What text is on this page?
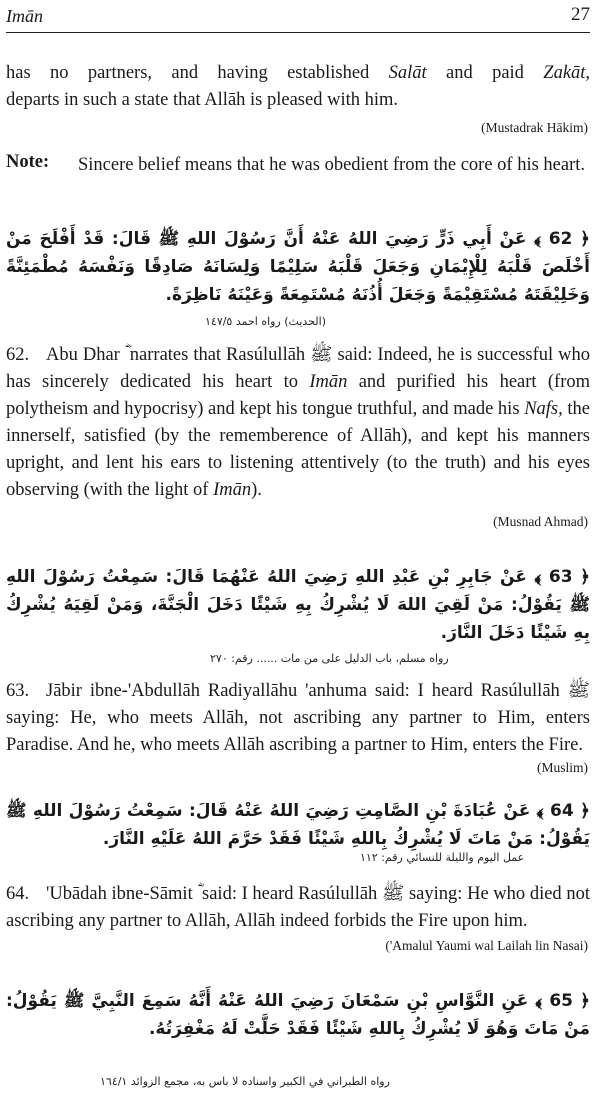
Imān	27
has no partners, and having established Salāt and paid Zakāt,
departs in such a state that Allāh is pleased with him.
(Mustadrak Hākim)
Note: Sincere belief means that he was obedient from the core of his heart.
﴿ 62 ﴾ عَنْ أَبِي ذَرٍّ رَضِيَ اللهُ عَنْهُ أَنَّ رَسُوْلَ اللهِ ﷺ قَالَ: قَدْ أَفْلَحَ مَنْ أَخْلَصَ قَلْبَهُ لِلْإِيْمَانِ وَجَعَلَ قَلْبَهُ سَلِيْمًا وَلِسَانَهُ صَادِقًا وَنَفْسَهُ مُطْمَئِنَّةً وَخَلِيْقَتَهُ مُسْتَقِيْمَةً وَجَعَلَ أُذُنَهُ مُسْتَمِعَةً وَعَيْنَهُ نَاظِرَةً.
(الحديث) رواه احمد ١٤٧/٥
62. Abu Dhar ؓ narrates that Rasúlullāh ﷺ said: Indeed, he is successful who has sincerely dedicated his heart to Imān and purified his heart (from polytheism and hypocrisy) and kept his tongue truthful, and made his Nafs, the innerself, satisfied (by the rememberence of Allāh), and kept his manners upright, and lent his ears to listening attentively (to the truth) and his eyes observing (with the light of Imān).
(Musnad Ahmad)
﴿ 63 ﴾ عَنْ جَابِرِ بْنِ عَبْدِ اللهِ رَضِيَ اللهُ عَنْهُمَا قَالَ: سَمِعْتُ رَسُوْلَ اللهِ ﷺ يَقُوْلُ: مَنْ لَقِيَ اللهَ لَا يُشْرِكُ بِهِ شَيْئًا دَخَلَ الْجَنَّةَ، وَمَنْ لَقِيَهُ يُشْرِكُ بِهِ شَيْئًا دَخَلَ النَّارَ.
رواه مسلم، باب الدليل على من مات ...... رقم: ٢٧٠
63. Jābir ibne-'Abdullāh Radiyallāhu 'anhuma said: I heard Rasúlullāh ﷺ saying: He, who meets Allāh, not ascribing any partner to Him, enters Paradise. And he, who meets Allāh ascribing a partner to Him, enters the Fire.
(Muslim)
﴿ 64 ﴾ عَنْ عُبَادَةَ بْنِ الصَّامِتِ رَضِيَ اللهُ عَنْهُ قَالَ: سَمِعْتُ رَسُوْلَ اللهِ ﷺ يَقُوْلُ: مَنْ مَاتَ لَا يُشْرِكُ بِاللهِ شَيْئًا فَقَدْ حَرَّمَ اللهُ عَلَيْهِ النَّارَ.
عمل اليوم والليلة للنسائي رقم: ١١٢
64. 'Ubādah ibne-Sāmit ؓ said: I heard Rasúlullāh ﷺ saying: He who died not ascribing any partner to Allāh, Allāh indeed forbids the Fire upon him.
('Amalul Yaumi wal Lailah lin Nasai)
﴿ 65 ﴾ عَنِ النَّوَّاسِ بْنِ سَمْعَانَ رَضِيَ اللهُ عَنْهُ أَنَّهُ سَمِعَ النَّبِيَّ ﷺ يَقُوْلُ: مَنْ مَاتَ وَهُوَ لَا يُشْرِكُ بِاللهِ شَيْئًا فَقَدْ حَلَّتْ لَهُ مَغْفِرَتُهُ.
رواه الطبراني في الكبير واسناده لا باس به، مجمع الزوائد ١٦٤/١
